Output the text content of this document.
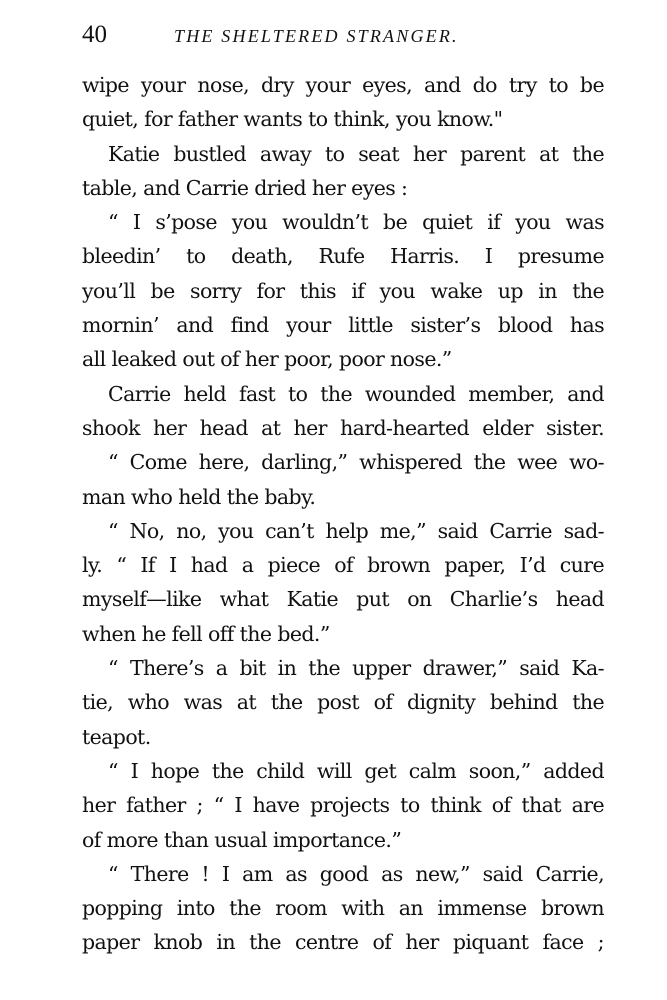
40	THE SHELTERED STRANGER.
wipe your nose, dry your eyes, and do try to be
quiet, for father wants to think, you know."
Katie bustled away to seat her parent at the
table, and Carrie dried her eyes :
“ I s’pose you wouldn’t be quiet if you was
bleedin’ to death, Rufe Harris. I presume
you’ll be sorry for this if you wake up in the
mornin’ and find your little sister’s blood has
all leaked out of her poor, poor nose.”
Carrie held fast to the wounded member, and
shook her head at her hard-hearted elder sister.
“ Come here, darling,” whispered the wee wo-
man who held the baby.
“ No, no, you can’t help me,” said Carrie sad-
ly. “ If I had a piece of brown paper, I’d cure
myself—like what Katie put on Charlie’s head
when he fell off the bed.”
“ There’s a bit in the upper drawer,” said Ka-
tie, who was at the post of dignity behind the
teapot.
“ I hope the child will get calm soon,” added
her father ; “ I have projects to think of that are
of more than usual importance.”
“ There ! I am as good as new,” said Carrie,
popping into the room with an immense brown
paper knob in the centre of her piquant face ;
